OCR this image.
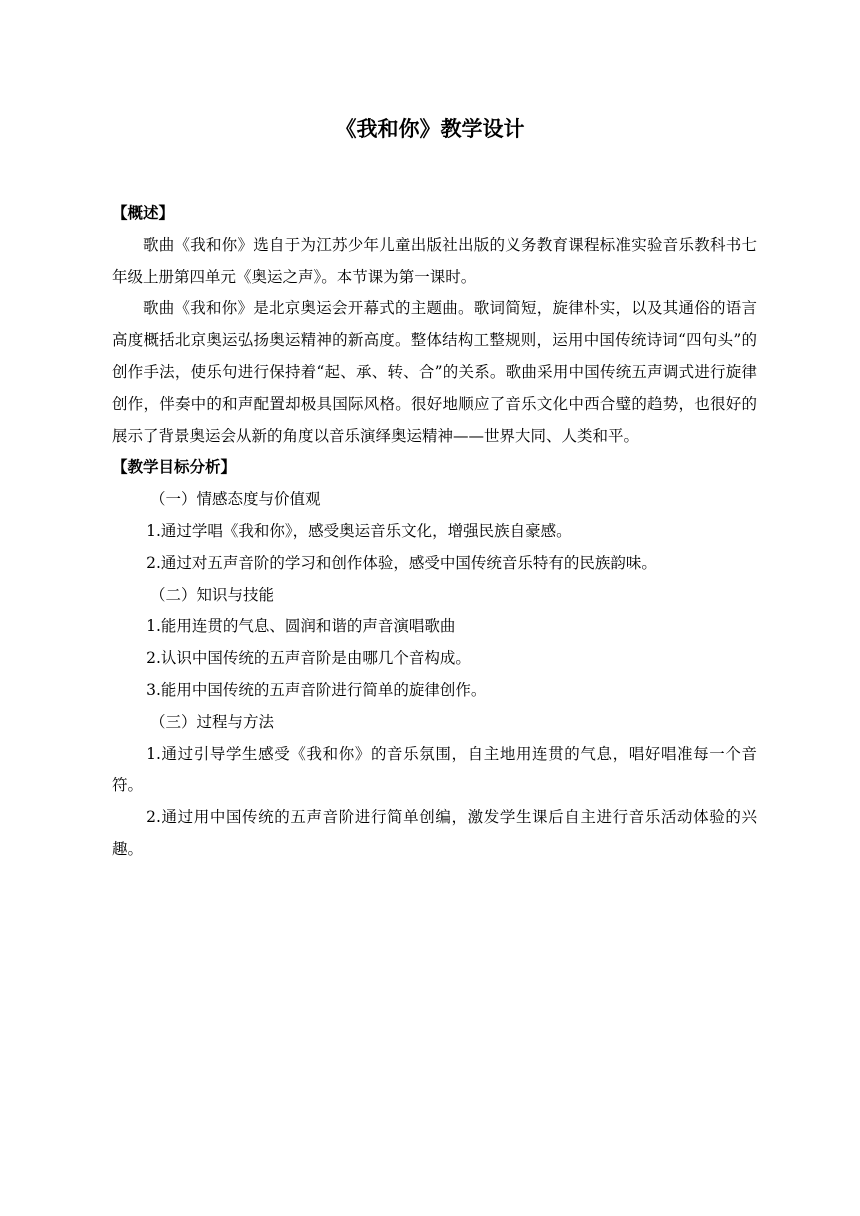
《我和你》教学设计

【概述】

歌曲《我和你》选自于为江苏少年儿童出版社出版的义务教育课程标准实验音乐教科书七年级上册第四单元《奥运之声》。本节课为第一课时。

歌曲《我和你》是北京奥运会开幕式的主题曲。歌词简短，旋律朴实，以及其通俗的语言高度概括北京奥运弘扬奥运精神的新高度。整体结构工整规则，运用中国传统诗词“四句头”的创作手法，使乐句进行保持着“起、承、转、合”的关系。歌曲采用中国传统五声调式进行旋律创作，伴奏中的和声配置却极具国际风格。很好地顺应了音乐文化中西合璧的趋势，也很好的展示了背景奥运会从新的角度以音乐演绎奥运精神——世界大同、人类和平。

【教学目标分析】

（一）情感态度与价值观

1.通过学唱《我和你》，感受奥运音乐文化，增强民族自豪感。

2.通过对五声音阶的学习和创作体验，感受中国传统音乐特有的民族韵味。

（二）知识与技能

1.能用连贯的气息、圆润和谐的声音演唱歌曲

2.认识中国传统的五声音阶是由哪几个音构成。

3.能用中国传统的五声音阶进行简单的旋律创作。

（三）过程与方法

1.通过引导学生感受《我和你》的音乐氛围，自主地用连贯的气息，唱好唱准每一个音符。

2.通过用中国传统的五声音阶进行简单创编，激发学生课后自主进行音乐活动体验的兴趣。
